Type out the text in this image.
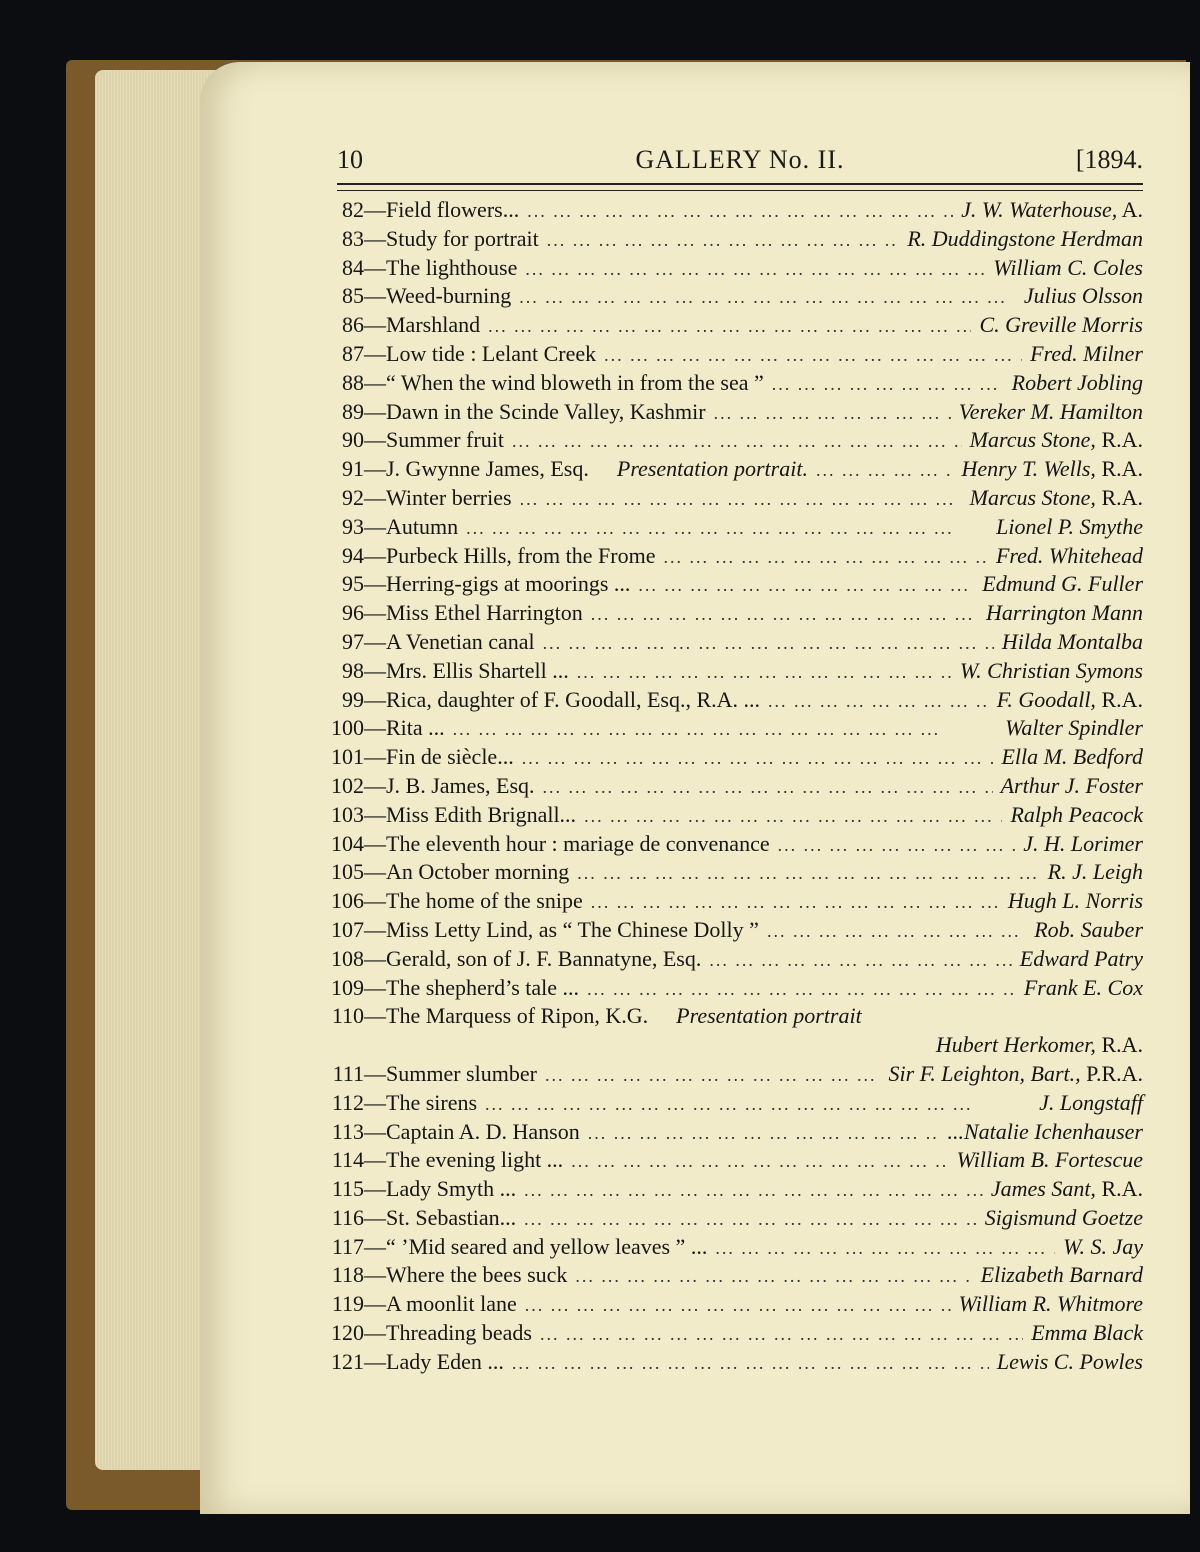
10	GALLERY No. II.	[1894.
82 — Field flowers... ... .	J. W. Waterhouse, A.
83 — Study for portrait ... .	R. Duddingstone Herdman
84 — The lighthouse ... .	William C. Coles
85 — Weed-burning ... .	Julius Olsson
86 — Marshland ... .	C. Greville Morris
87 — Low tide : Lelant Creek ... .	Fred. Milner
88 — “ When the wind bloweth in from the sea ” ... .	Robert Jobling
89 — Dawn in the Scinde Valley, Kashmir ... .	Vereker M. Hamilton
90 — Summer fruit ... .	Marcus Stone, R.A.
91 — J. Gwynne James, Esq. Presentation portrait. ... .	Henry T. Wells, R.A.
92 — Winter berries ... .	Marcus Stone, R.A.
93 — Autumn ... .	Lionel P. Smythe
94 — Purbeck Hills, from the Frome ... .	Fred. Whitehead
95 — Herring-gigs at moorings ... ... .	Edmund G. Fuller
96 — Miss Ethel Harrington ... .	Harrington Mann
97 — A Venetian canal ... .	Hilda Montalba
98 — Mrs. Ellis Shartell ... ... .	W. Christian Symons
99 — Rica, daughter of F. Goodall, Esq., R.A. ... ... .	F. Goodall, R.A.
100 — Rita ... ... .	Walter Spindler
101 — Fin de siècle... ... .	Ella M. Bedford
102 — J. B. James, Esq. ... .	Arthur J. Foster
103 — Miss Edith Brignall... ... .	Ralph Peacock
104 — The eleventh hour : mariage de convenance ... .	J. H. Lorimer
105 — An October morning ... .	R. J. Leigh
106 — The home of the snipe ... .	Hugh L. Norris
107 — Miss Letty Lind, as “ The Chinese Dolly ” ... .	Rob. Sauber
108 — Gerald, son of J. F. Bannatyne, Esq. ... .	Edward Patry
109 — The shepherd’s tale ... ... .	Frank E. Cox
110 — The Marquess of Ripon, K.G. Presentation portrait
Hubert Herkomer, R.A.
111 — Summer slumber ... .	Sir F. Leighton, Bart., P.R.A.
112 — The sirens ... .	J. Longstaff
113 — Captain A. D. Hanson ... .	...Natalie Ichenhauser
114 — The evening light ... ... .	William B. Fortescue
115 — Lady Smyth ... ... .	James Sant, R.A.
116 — St. Sebastian... ... .	Sigismund Goetze
117 — “ ’Mid seared and yellow leaves ” ... ... .	W. S. Jay
118 — Where the bees suck ... .	Elizabeth Barnard
119 — A moonlit lane ... .	William R. Whitmore
120 — Threading beads ... .	Emma Black
121 — Lady Eden ... ... .	Lewis C. Powles
